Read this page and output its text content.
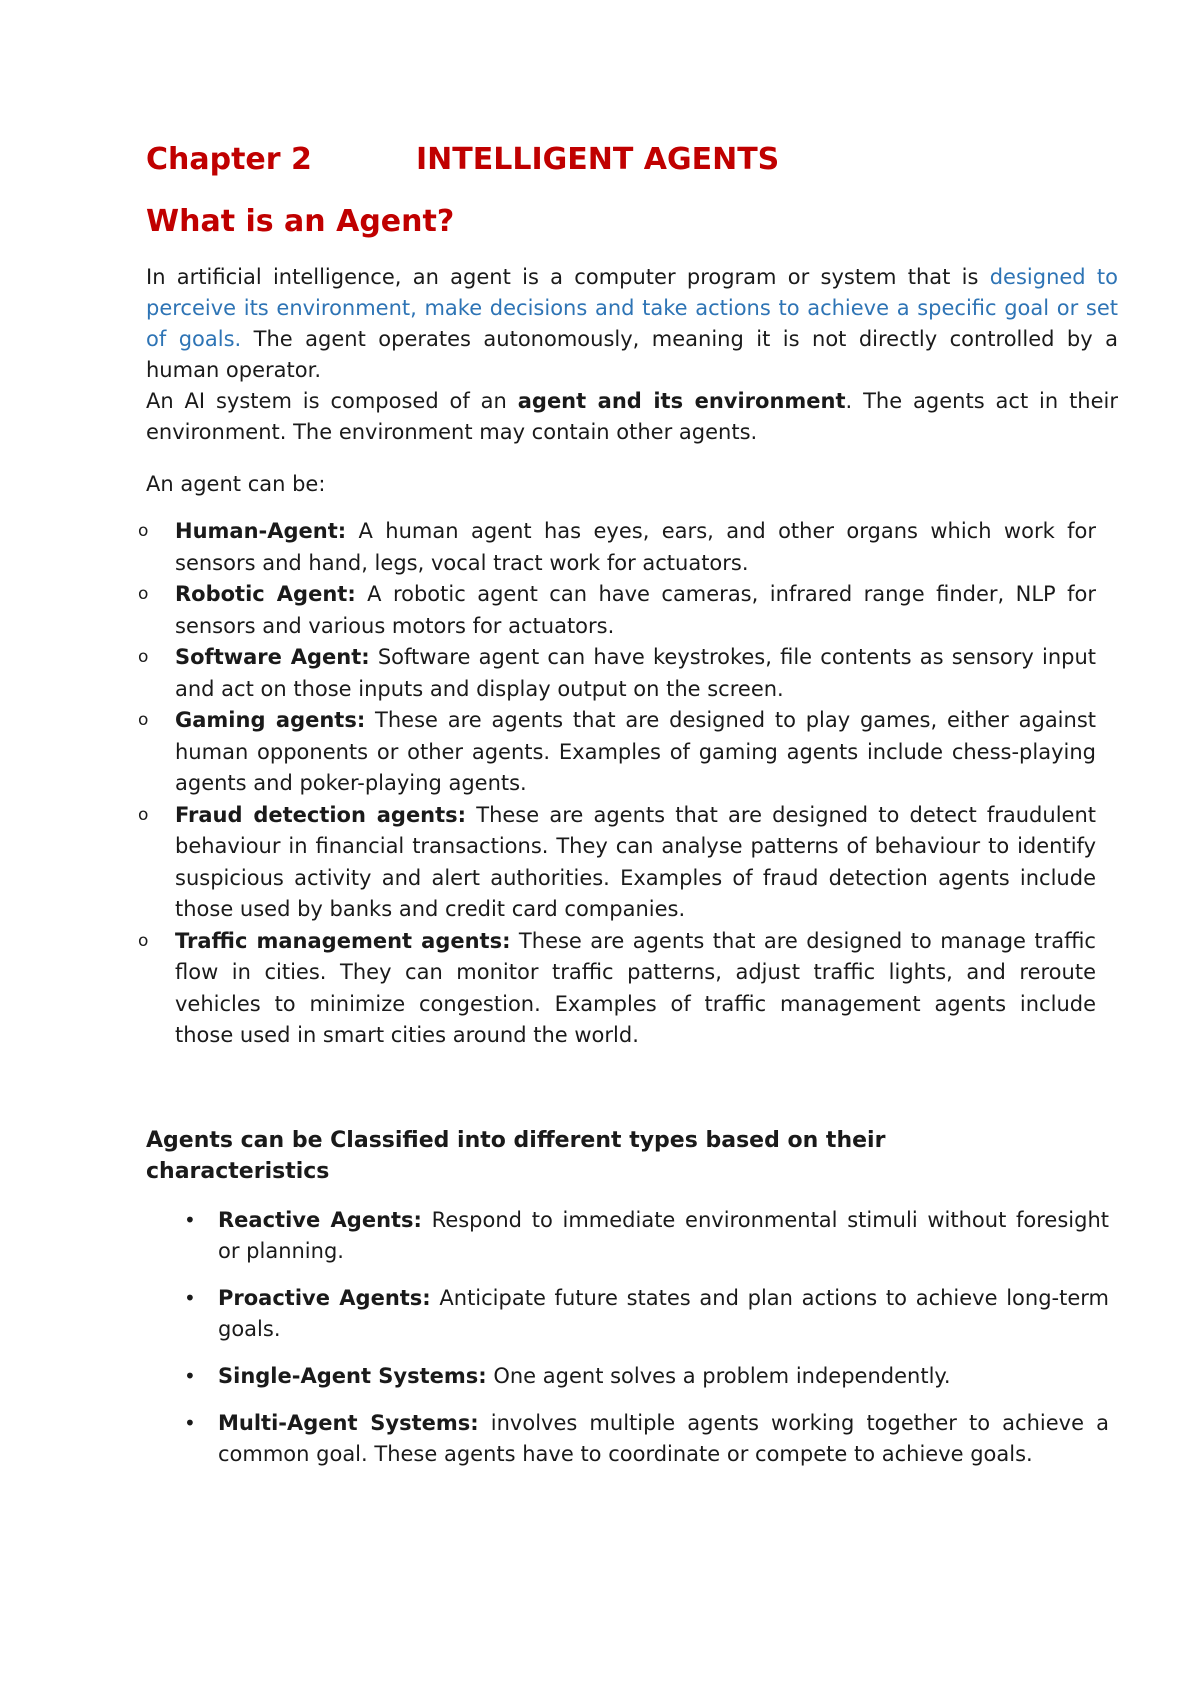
Chapter 2	INTELLIGENT AGENTS
What is an Agent?

In artificial intelligence, an agent is a computer program or system that is designed to perceive its environment, make decisions and take actions to achieve a specific goal or set of goals. The agent operates autonomously, meaning it is not directly controlled by a human operator.

An AI system is composed of an agent and its environment. The agents act in their environment. The environment may contain other agents.

An agent can be:

o Human-Agent: A human agent has eyes, ears, and other organs which work for sensors and hand, legs, vocal tract work for actuators.
o Robotic Agent: A robotic agent can have cameras, infrared range finder, NLP for sensors and various motors for actuators.
o Software Agent: Software agent can have keystrokes, file contents as sensory input and act on those inputs and display output on the screen.
o Gaming agents: These are agents that are designed to play games, either against human opponents or other agents. Examples of gaming agents include chess-playing agents and poker-playing agents.
o Fraud detection agents: These are agents that are designed to detect fraudulent behaviour in financial transactions. They can analyse patterns of behaviour to identify suspicious activity and alert authorities. Examples of fraud detection agents include those used by banks and credit card companies.
o Traffic management agents: These are agents that are designed to manage traffic flow in cities. They can monitor traffic patterns, adjust traffic lights, and reroute vehicles to minimize congestion. Examples of traffic management agents include those used in smart cities around the world.

Agents can be Classified into different types based on their characteristics

• Reactive Agents: Respond to immediate environmental stimuli without foresight or planning.
• Proactive Agents: Anticipate future states and plan actions to achieve long-term goals.
• Single-Agent Systems: One agent solves a problem independently.
• Multi-Agent Systems: involves multiple agents working together to achieve a common goal. These agents have to coordinate or compete to achieve goals.
